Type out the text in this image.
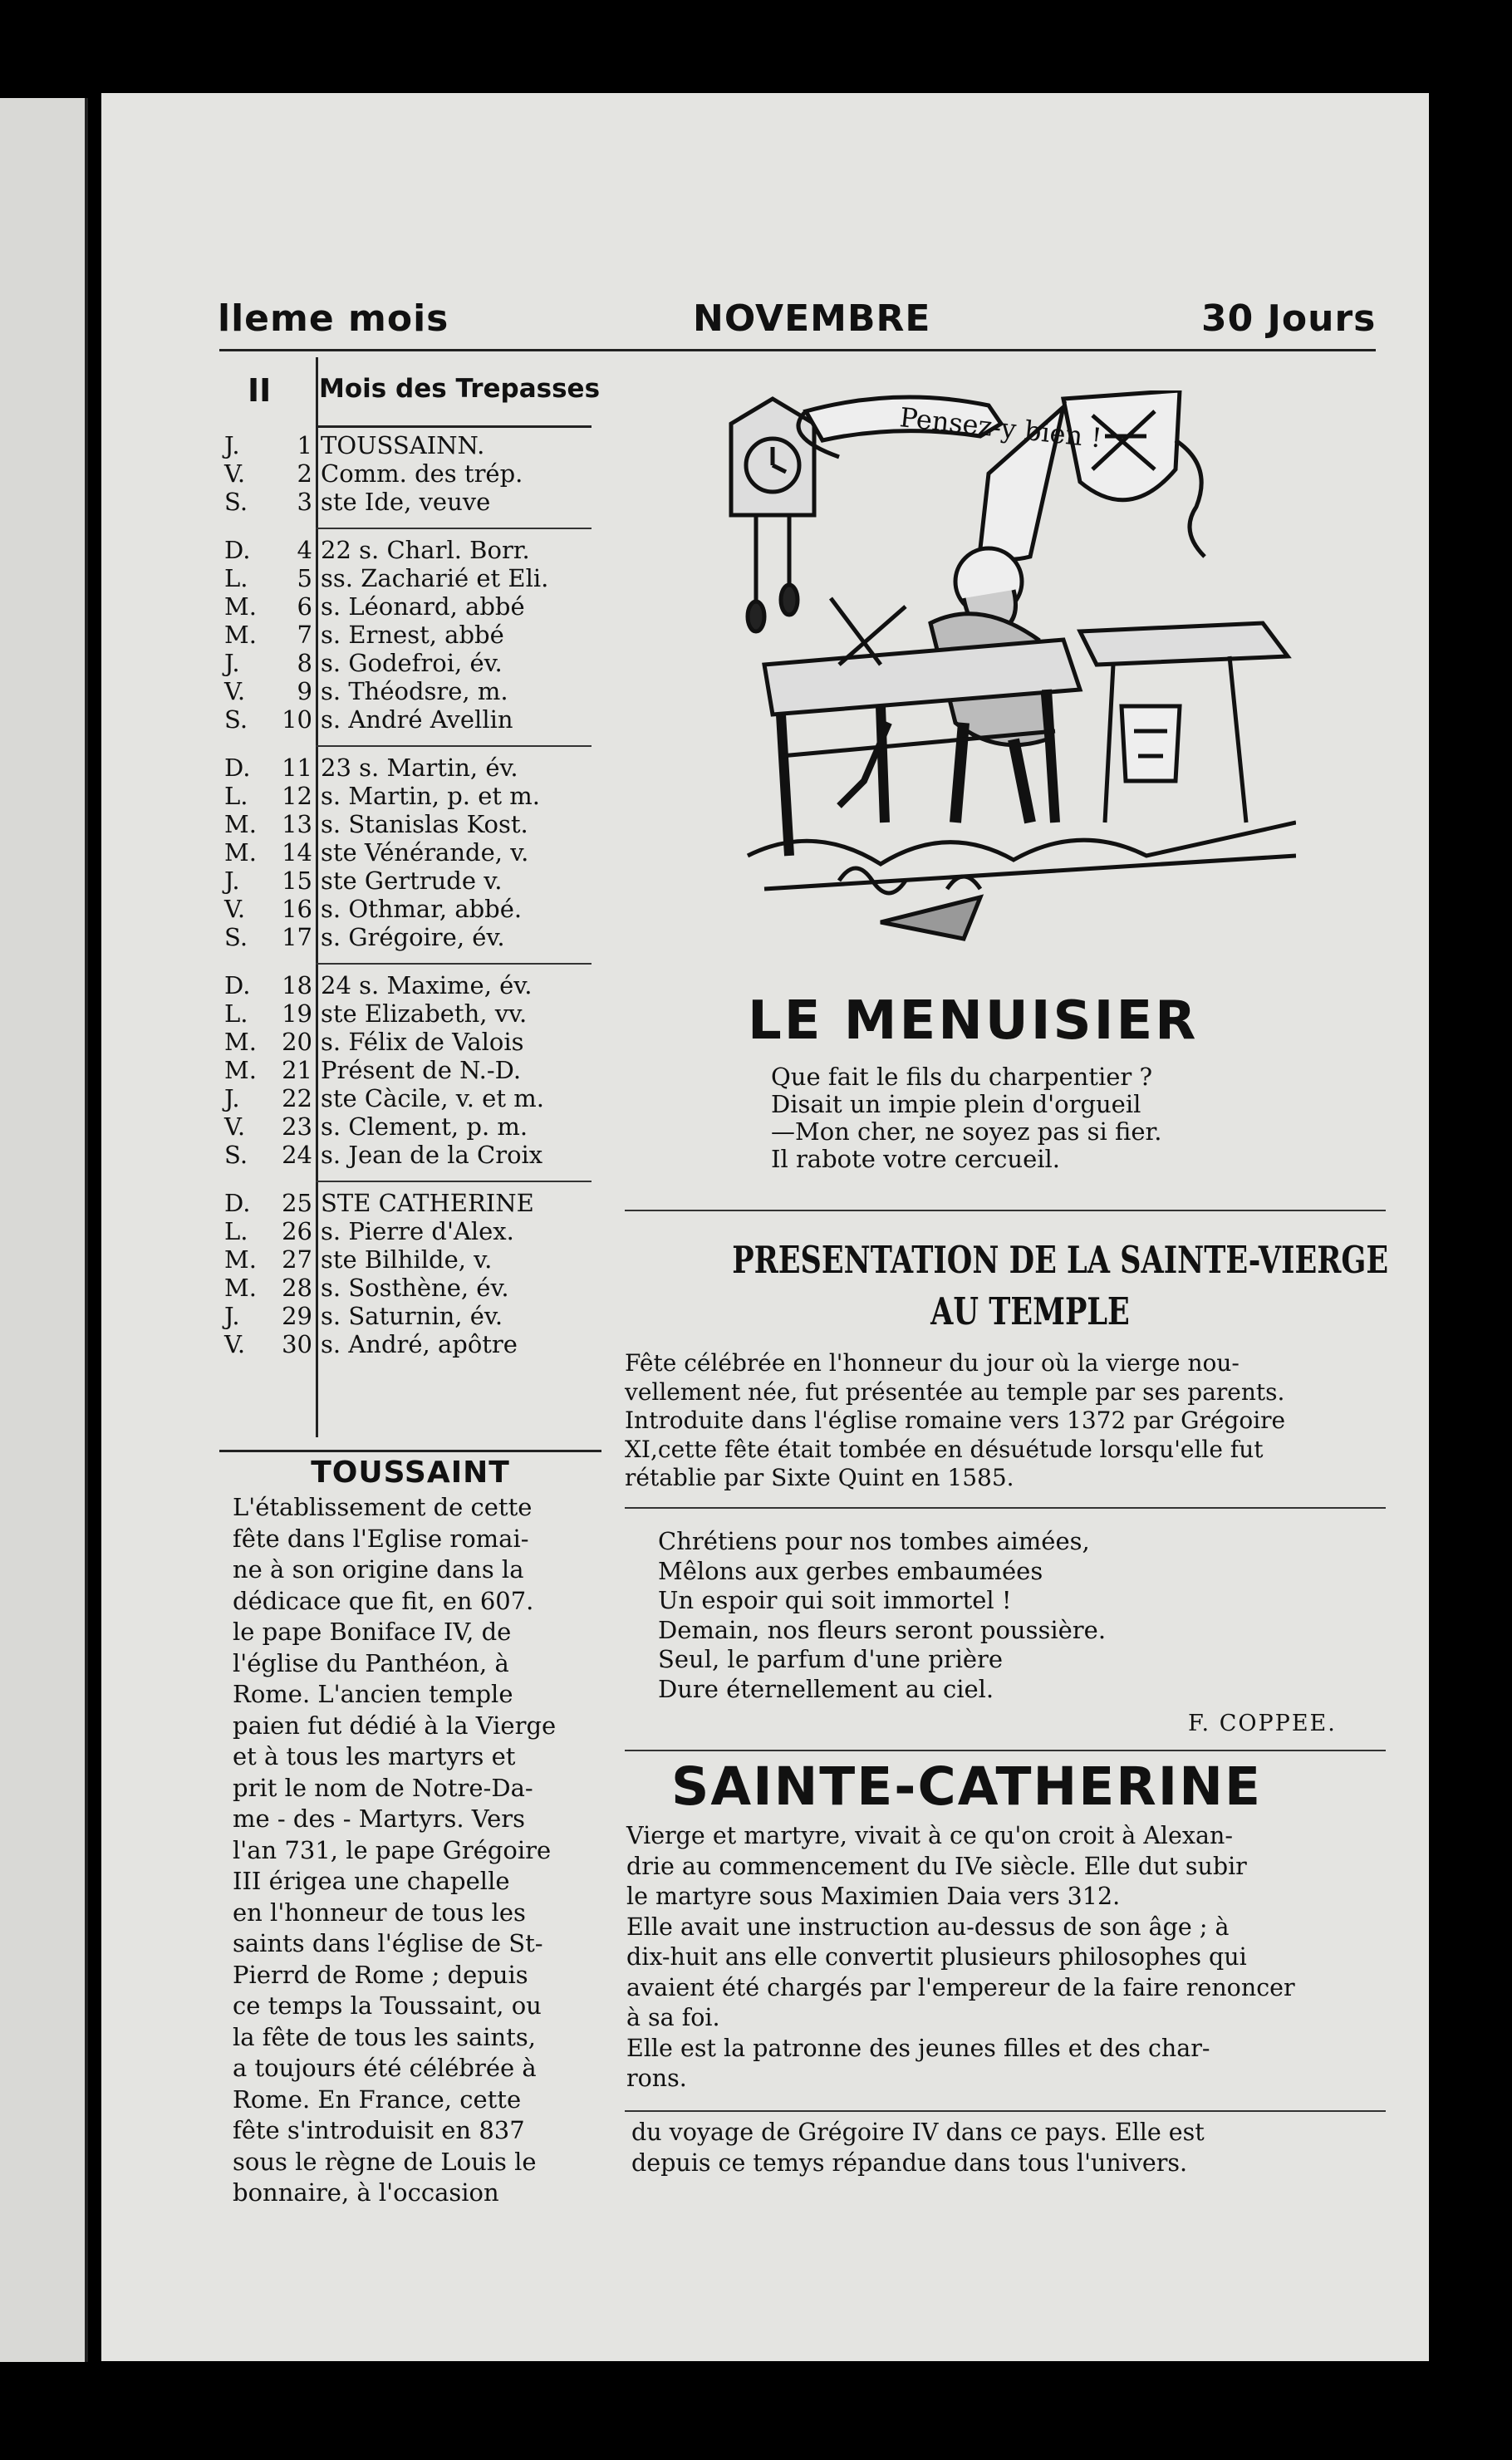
lleme mois	NOVEMBRE	30 Jours
II Mois des Trepasses
J.	1 TOUSSAINN.
V.	2 Comm. des trép.
S.	3 ste Ide, veuve
D.	4 22 s. Charl. Borr.
L.	5 ss. Zacharié et Eli.
M.	6 s. Léonard, abbé
M.	7 s. Ernest, abbé
J.	8 s. Godefroi, év.
V.	9 s. Théodsre, m.
S.	10 s. André Avellin
D.	11 23 s. Martin, év.
L.	12 s. Martin, p. et m.
M.	13 s. Stanislas Kost.
M.	14 ste Vénérande, v.
J.	15 ste Gertrude v.
V.	16 s. Othmar, abbé.
S.	17 s. Grégoire, év.
D.	18 24 s. Maxime, év.
L.	19 ste Elizabeth, vv.
M.	20 s. Félix de Valois
M.	21 Présent de N.-D.
J.	22 ste Càcile, v. et m.
V.	23 s. Clement, p. m.
S.	24 s. Jean de la Croix
D.	25 STE CATHERINE
L.	26 s. Pierre d'Alex.
M.	27 ste Bilhilde, v.
M.	28 s. Sosthène, év.
J.	29 s. Saturnin, év.
V.	30 s. André, apôtre
TOUSSAINT
L'établissement de cette
fête dans l'Eglise romai-
ne à son origine dans la
dédicace que fit, en 607.
le pape Boniface IV, de
l'église du Panthéon, à
Rome. L'ancien temple
paien fut dédié à la Vierge
et à tous les martyrs et
prit le nom de Notre-Da-
me - des - Martyrs. Vers
l'an 731, le pape Grégoire
III érigea une chapelle
en l'honneur de tous les
saints dans l'église de St-
Pierrd de Rome ; depuis
ce temps la Toussaint, ou
la fête de tous les saints,
a toujours été célébrée à
Rome. En France, cette
fête s'introduisit en 837
sous le règne de Louis le
bonnaire, à l'occasion
Pensez-y bien !
LE MENUISIER
Que fait le fils du charpentier ?
Disait un impie plein d'orgueil
—Mon cher, ne soyez pas si fier.
Il rabote votre cercueil.
PRESENTATION DE LA SAINTE-VIERGE
AU TEMPLE
Fête célébrée en l'honneur du jour où la vierge nou-
vellement née, fut présentée au temple par ses parents.
Introduite dans l'église romaine vers 1372 par Grégoire
XI,cette fête était tombée en désuétude lorsqu'elle fut
rétablie par Sixte Quint en 1585.
Chrétiens pour nos tombes aimées,
Mêlons aux gerbes embaumées
Un espoir qui soit immortel !
Demain, nos fleurs seront poussière.
Seul, le parfum d'une prière
Dure éternellement au ciel.
F. COPPEE.
SAINTE-CATHERINE
Vierge et martyre, vivait à ce qu'on croit à Alexan-
drie au commencement du IVe siècle. Elle dut subir
le martyre sous Maximien Daia vers 312.
Elle avait une instruction au-dessus de son âge ; à
dix-huit ans elle convertit plusieurs philosophes qui
avaient été chargés par l'empereur de la faire renoncer
à sa foi.
Elle est la patronne des jeunes filles et des char-
rons.
du voyage de Grégoire IV dans ce pays. Elle est
depuis ce temys répandue dans tous l'univers.
